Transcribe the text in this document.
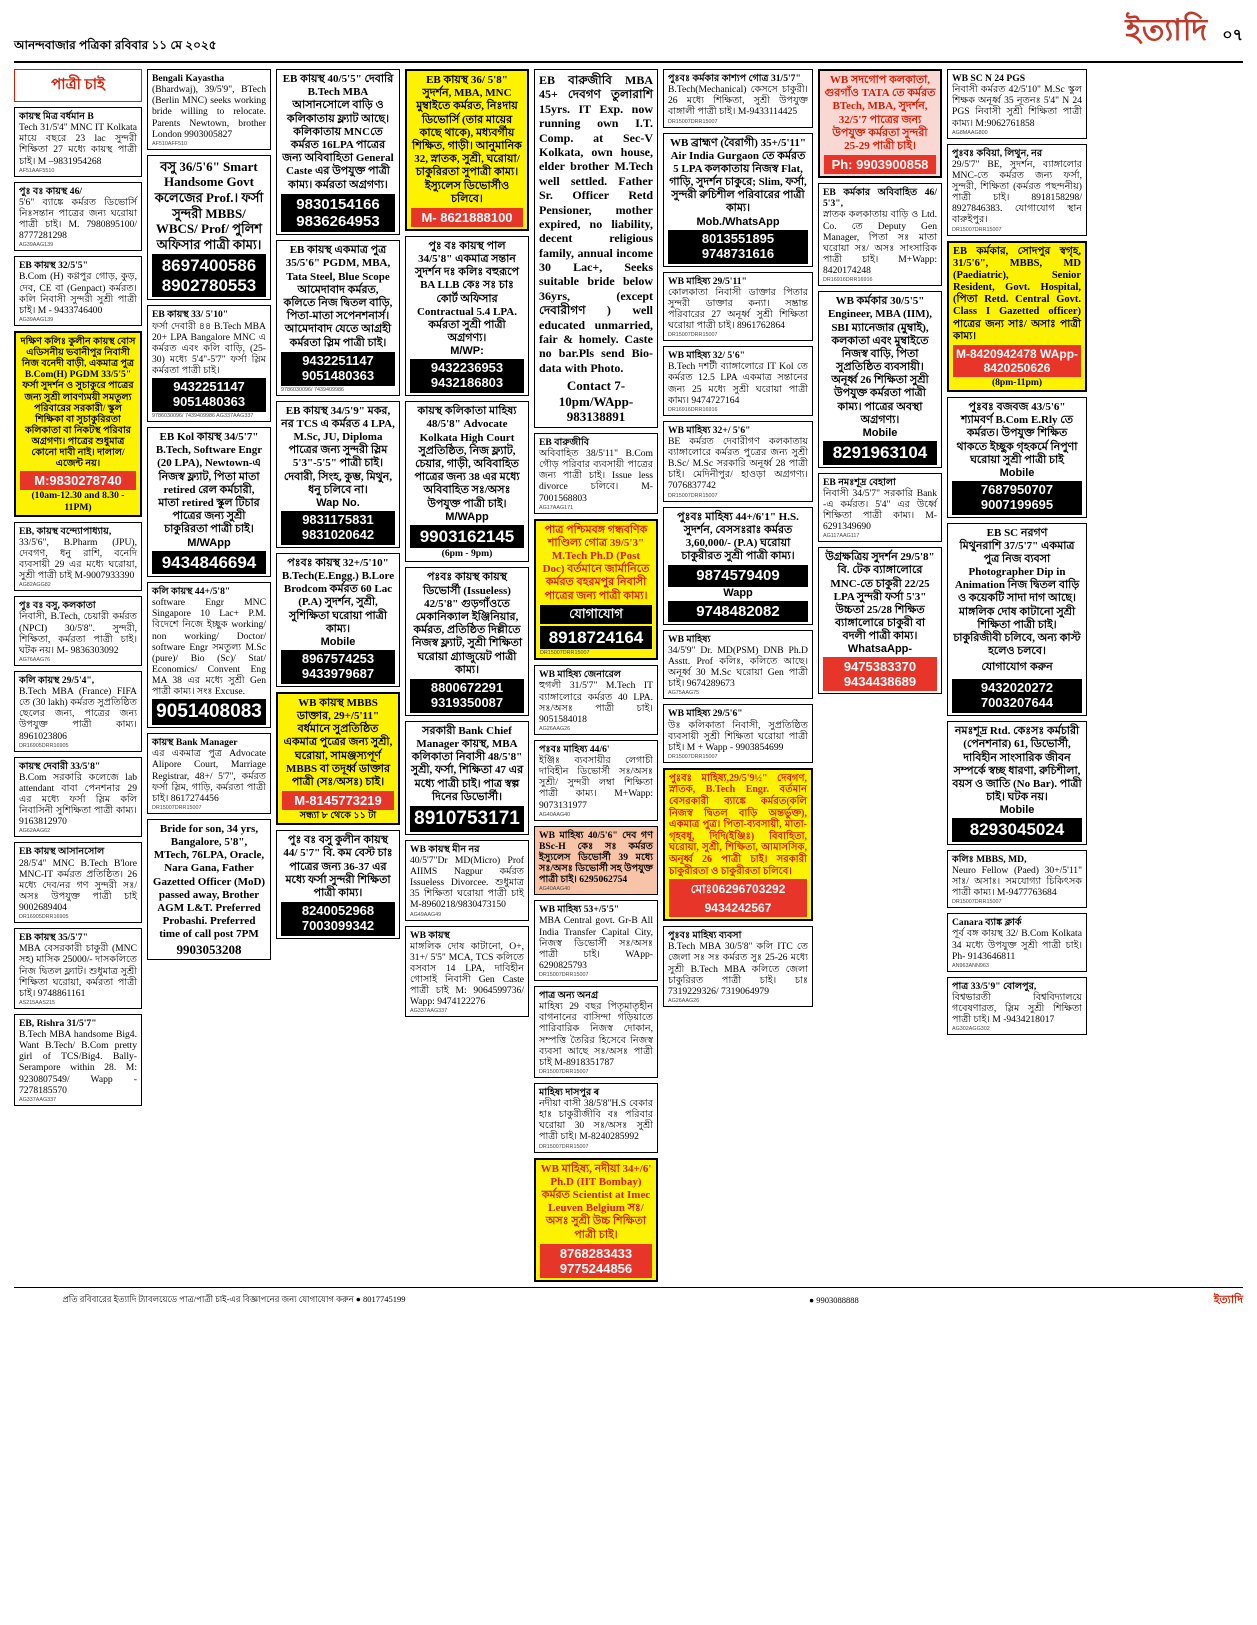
আনন্দবাজার পত্রিকা রবিবার ১১ মে ২০২৫	ইত্যাদি ০৭
পাত্রী চাই
কায়স্থ মিত্র বর্ধমান B
Tech 31/5'4" MNC IT Kolkata মায়ে বছরে 23 lac সুন্দরী শিক্ষিতা 27 মধ্যে কায়স্থ পাত্রী চাই। M –9831954268
AF51AAF5510
পুঃ বঃ কায়স্থ 46/
5'6" ব্যাঙ্কে কর্মরত ডিভোর্সি নিঃসন্তান পাত্রের জন্য ঘরোয়া পাত্রী চাই। M. 7980895100/ 8777281298
AG39AAG139
EB কায়স্থ 32/5'5"
B.Com (H) কণ্ণপুর গোড়, কুড়, দেব, CE বা (Genpact) কর্মরত। কলি নিবাসী সুন্দরী সুশ্রী পাত্রী চাই। M - 9433746400
AG39AAG139
দক্ষিণ কলিঃ কুলীন কায়স্থ বোস এডিসনীয় ভবানীপুর নিবাসী নিজ বনেদী বাড়ী, একমাত্র পুত্র B.Com(H) PGDM 33/5'5" ফর্সা সুদর্শন ও সুচাকুরে পাত্রের জন্য সুশ্রী লাবণ্যময়ী সমতুল্য পরিবারের সরকারী/ স্কুল শিক্ষিকা বা সুচাকুরিরতা কলিকাতা বা নিকটস্থ পরিবার অগ্রগণ্য। পাত্রের শুধুমাত্র কোনো দাবী নাই। দালাল/এজেন্ট নয়।
M:9830278740
(10am-12.30 and 8.30 - 11PM)
EB, কায়স্থ বন্দ্যোপাধ্যায়,
33/5'6", B.Pharm (JPU), দেবগণ, ধনু রাশি, বনেদি ব্যবসায়ী 29 এর মধ্যে ঘরোয়া, সুশ্রী পাত্রী চাই M-9007933390
AG82AGG82
পুঃ বঃ বসু, কলকাতা
নিবাসী, B.Tech, চেয়ারী কর্মরত (NPCI) 30/5'8". সুন্দরী, শিক্ষিতা, কর্মরতা পাত্রী চাই। ঘটক নয়। M- 9836303092
AG76AAG76
কলি কায়স্থ 29/5'4",
B.Tech MBA (France) FIFA তে (30 lakh) কর্মরত সুপ্রতিষ্ঠিত ছেলের জন্য, পাত্রের জন্য উপযুক্ত পাত্রী কাম্য। 8961023806
DR16905DRR16905
কায়স্থ দেবারী 33/5'8"
B.Com সরকারি কলেজে lab attendant বাবা পেনশনার 29 এর মধ্যে ফর্সা স্লিম কলি নিবাসিনী সুশিক্ষিতা পাত্রী কাম্য। 9163812970
AG62AAG62
EB কায়স্থ আসানসোল
28/5'4" MNC B.Tech B'lore MNC-IT কর্মরত প্রতিষ্ঠিত। 26 মধ্যে দেব/নর গণ সুন্দরী সঃ/অসঃ উপযুক্ত পাত্রী চাই 9002689404
DR16905DRR16905
EB কায়স্থ 35/5'7"
MBA বেসরকারী চাকুরী (MNC সহ) মাসিক 25000/- দাসকলিতে নিজ দ্বিতল ফ্ল্যাট। শুধুমাত্র সুশ্রী শিক্ষিতা ঘরোয়া, কর্মরতা পাত্রী চাই। 9748861161
AS215AAS215
EB, Rishra 31/5'7"
B.Tech MBA handsome Big4. Want B.Tech/ B.Com pretty girl of TCS/Big4. Bally-Serampore within 28. M: 9230807549/ Wapp - 7278185570
AG337AAG337
Bengali Kayastha
(Bhardwaj), 39/5'9", BTech (Berlin MNC) seeks working bride willing to relocate. Parents Newtown, brother London 9903005827
AF510AFF510
বসু 36/5'6" Smart Handsome Govt কলেজের Prof.। ফর্সা সুন্দরী MBBS/ WBCS/ Prof/ পুলিশ অফিসার পাত্রী কাম্য।
8697400586 8902780553
EB কায়স্থ 33/ 5'10"
ফর্সা দেবারী ৪৪ B.Tech MBA 20+ LPA Bangalore MNC এ কর্মরত এবং কলি বাড়ি, (25-30) মধ্যে 5'4"-5'7" ফর্সা স্লিম কর্মরতা পাত্রী চাই।
9432251147 9051480363
9786030096/ 7439409986 AG337AAG337
EB Kol কায়স্থ 34/5'7" B.Tech, Software Engr (20 LPA), Newtown-এ নিজস্ব ফ্ল্যাট, পিতা মাতা retired রেল কর্মচারী, মাতা retired স্কুল টিচার পাত্রের জন্য সুশ্রী চাকুরিরতা পাত্রী চাই।
M/WApp
9434846694
কলি কায়স্থ 44+/5'8"
software Engr MNC Singapore 10 Lac+ P.M. বিদেশে নিজে ইচ্ছুক working/ non working/ Doctor/ software Engr সমতুল্য M.Sc (pure)/ Bio (Sc)/ Stat/ Economics/ Convent Eng MA 38 এর মধ্যে সুশ্রী Gen পাত্রী কাম্য। সংঃ Excuse.
9051408083
কায়স্থ Bank Manager
এর একমাত্র পুত্র Advocate Alipore Court, Marriage Registrar, 48+/ 5'7", কর্মরত ফর্সা স্লিম, গাড়ি, কর্মরতা পাত্রী চাই। 8617274456
DR15007DRR15007
Bride for son, 34 yrs, Bangalore, 5'8", MTech, 76LPA, Oracle, Nara Gana, Father Gazetted Officer (MoD) passed away, Brother AGM L&T. Preferred Probashi. Preferred time of call post 7PM
9903053208
EB কায়স্থ 40/5'5" দেবারি B.Tech MBA আসানসোলে বাড়ি ও কলিকাতায় ফ্ল্যাট আছে। কলিকাতায় MNCতে কর্মরত 16LPA পাত্রের জন্য অবিবাহিতা General Caste এর উপযুক্ত পাত্রী কাম্য। কর্মরতা অগ্রগণ্য।
9830154166 9836264953
EB কায়স্থ একমাত্র পুত্র 35/5'6" PGDM, MBA, Tata Steel, Blue Scope আমেদাবাদ কর্মরত, কলিতে নিজ দ্বিতল বাড়ি, পিতা-মাতা সপেনশনার্স। আমেদাবাদ যেতে আগ্রহী কর্মরতা স্লিম পাত্রী চাই।
9432251147 9051480363
9786030096/ 7439409986
EB কায়স্থ 34/5'9" মকর, নর TCS এ কর্মরত 4 LPA, M.Sc, JU, Diploma পাত্রের জন্য সুন্দরী স্লিম 5'3"-5'5" পাত্রী চাই। দেবারী, সিংহ, কুম্ভ, মিথুন, ধনু চলিবে না।
Wap No.
9831175831 9831020642
পঃবঃ কায়স্থ 32+/5'10" B.Tech(E.Engg.) B.Lore Brodcom কর্মরত 60 Lac (P.A) সুদর্শন, সুশ্রী, সুশিক্ষিতা ঘরোয়া পাত্রী কাম্য।
Mobile
8967574253 9433979687
WB কায়স্থ MBBS ডাক্তার, 29+/5'11" বর্ধমানে সুপ্রতিষ্ঠিত একমাত্র পুত্রের জন্য সুশ্রী, ঘরোয়া, সামঞ্জস্যপূর্ণ MBBS বা তদূর্ধ্ব ডাক্তার পাত্রী (সঃ/অসঃ) চাই।
M-8145773219
সন্ধ্যা ৮ থেকে ১১ টা
পুঃ বঃ বসু কুলীন কায়স্থ 44/ 5'7" বি. কম বেস্ট চাঃ পাত্রের জন্য 36-37 এর মধ্যে ফর্সা সুন্দরী শিক্ষিতা পাত্রী কাম্য।
8240052968 7003099342
EB কায়স্থ 36/ 5'8" সুদর্শন, MBA, MNC মুম্বাইতে কর্মরত, নিঃদায় ডিভোর্সি (তার মায়ের কাছে থাকে), মধ্যবর্গীয় শিক্ষিত, গাড়ী। আনুমানিক 32, স্নাতক, সুশ্রী, ঘরোয়া/ চাকুরিরতা সুপাত্রী কাম্য। ইস্যুলেস ডিভোর্সীও চলিবে।
M- 8621888100
পুঃ বঃ কায়স্থ পাল 34/5'8" একমাত্র সন্তান সুদর্শন দঃ কলিঃ বহুরূপে BA LLB কেঃ সঃ চাঃ কোর্ট অফিসার Contractual 5.4 LPA. কর্মরতা সুশ্রী পাত্রী অগ্রগণ্য।
M/WP:
9432236953 9432186803
কায়স্থ কলিকাতা মাহিষ্য 48/5'8" Advocate Kolkata High Court সুপ্রতিষ্ঠিত, নিজ ফ্ল্যাট, চেয়ার, গাড়ী, অবিবাহিত পাত্রের জন্য 38 এর মধ্যে অবিবাহিত সঃ/অসঃ উপযুক্ত পাত্রী চাই।
M/WApp
9903162145
(6pm - 9pm)
পঃবঃ কায়স্থ কায়স্থ ডিভোর্সী (Issueless) 42/5'8" গুড়গাঁওতে মেকানিক্যাল ইঞ্জিনিয়ার, কর্মরত, প্রতিষ্ঠিত দিল্লীতে নিজস্ব ফ্ল্যাট, সুশ্রী শিক্ষিতা ঘরোয়া গ্র্যাজুয়েট পাত্রী কাম্য।
8800672291 9319350087
সরকারী Bank Chief Manager কায়স্থ, MBA কলিকাতা নিবাসী 48/5'8" সুশ্রী, ফর্সা, শিক্ষিতা 47 এর মধ্যে পাত্রী চাই। পাত্র স্বল্প দিনের ডিভোর্সী।
8910753171
WB কায়স্থ মীন নর
40/5'7"Dr MD(Micro) Prof AIIMS Nagpur কর্মরত Issueless Divorcee. শুধুমাত্র 35 শিক্ষিতা ঘরোয়া পাত্রী চাই M-8960218/9830473150
AG49AAG49
WB কায়স্থ
মাঙ্গলিক দোষ কাটানো, O+, 31+/ 5'5" MCA, TCS কলিতে বসবাস 14 LPA, দাবিহীন গোসাই নিবাসী Gen Caste পাত্রী চাই M: 9064599736/ Wapp: 9474122276
AG337AAG337
EB বারুজীবি MBA 45+ দেবগণ তুলারাশি 15yrs. IT Exp. now running own I.T. Comp. at Sec-V Kolkata, own house, elder brother M.Tech well settled. Father Sr. Officer Retd Pensioner, mother expired, no liability, decent religious family, annual income 30 Lac+, Seeks suitable bride below 36yrs, (except দেবারীগণ ) well educated unmarried, fair & homely. Caste no bar.Pls send Bio-data with Photo.
Contact 7-10pm/WApp-983138891
EB বারুজীবি
অবিবাহিত 38/5'11" B.Com গৌড় পরিবার ব্যবসায়ী পাত্রের জন্য পাত্রী চাই। Issue less divorce চলিবে। M-7001568803
AG17AAG171
পাত্র পশ্চিমবঙ্গ গন্ধবণিক শাণ্ডিল্য গোত্র 39/5'3" M.Tech Ph.D (Post Doc) বর্তমানে জার্মানিতে কর্মরত বহরমপুর নিবাসী পাত্রের জন্য পাত্রী কাম্য।
যোগাযোগ
8918724164
DR15007DRR15007
WB মাহিষ্য জেনারেল
হুগলী 31/5'7" M.Tech IT ব্যাঙ্গালোরে কর্মরত 40 LPA. সঃ/অসঃ পাত্রী চাই। 9051584018
AG26AAG26
পঃবঃ মাহিষ্য 44/6'
ইঞ্জিঃ ব্যবসায়ীর লেগাচী দাবিহীন ডিভোর্সী সঃ/অসঃ সুশ্রী/ সুন্দরী লম্বা শিক্ষিতা পাত্রী কাম্য। M+Wapp: 9073131977
AG40AAG40
WB মাহিষ্য 40/5'6" দেব গণ BSc-H কেঃ সঃ কর্মরত ইস্যুলেস ডিভোর্সী 39 মধ্যে সঃ/অসঃ ডিভোর্সী সহ উপযুক্ত পাত্রী চাই। 6295062754
AG40AAG40
WB মাহিষ্য 53+/5'5"
MBA Central govt. Gr-B All India Transfer Capital City, নিজস্ব ডিভোর্সী সঃ/অসঃ পাত্রী চাই। WApp-6290825793
DR15007DRR15007
পাত্র অন্য অনগ্র
মাহিষ্য 29 বছর পিতৃমাতৃহীন বাগনানের বাসিন্দা গড়িয়াতে পারিবারিক নিজস্ব দোকান, সম্পত্তি তৈরির হিসেবে নিজস্ব ব্যবসা আছে সঃ/অসঃ পাত্রী চাই M-8918351787
DR15007DRR15007
মাহিষ্য দাসপুর ৰ
নদীয়া বাসী 38/5'8"H.S বেকার হাঃ চাকুরীজীবি বঃ পরিবার ঘরোয়া 30 সঃ/অসঃ সুশ্রী পাত্রী চাই। M-8240285992
DR15007DRR15007
WB মাহিষ্য, নদীয়া 34+/6' Ph.D (IIT Bombay) কর্মরত Scientist at Imec Leuven Belgium সঃ/অসঃ সুশ্রী উচ্চ শিক্ষিতা পাত্রী চাই।
8768283433 9775244856
পুঃবঃ কর্মকার কাশ্যপ গোত্র 31/5'7"
B.Tech(Mechanical) কেসসে চাকুরী। 26 মধ্যে শিক্ষিতা, সুশ্রী উপযুক্ত বাঙ্গালী পাত্রী চাই। M-9433114425
DR15007DRR15007
WB ব্রাহ্মণ (বৈরাগী) 35+/5'11" Air India Gurgaon তে কর্মরত 5 LPA কলকাতায় নিজস্ব Flat, গাড়ি, সুদর্শন চাকুরে; Slim, ফর্সা, সুন্দরী রুচিশীল পরিবারের পাত্রী কাম্য।
Mob./WhatsApp
8013551895 9748731616
WB মাহিষ্য 29/5'11"
কোলকাতা নিবাসী ডাক্তার পিতার সুন্দরী ডাক্তার কন্যা। সম্ভ্রান্ত পরিবারের 27 অনূর্ধ্ব সুশ্রী শিক্ষিতা ঘরোয়া পাত্রী চাই। 8961762864
DR15007DRR15007
WB মাহিষ্য 32/ 5'6"
B.Tech দশটী ব্যাঙ্গালোরে IT Kol তে কর্মরত 12.5 LPA একমাত্র সন্তানের জন্য 25 মধ্যে সুশ্রী ঘরোয়া পাত্রী কাম্য। 9474727164
DR16916DRR16916
WB মাহিষ্য 32+/ 5'6"
BE কর্মরত দেবারীগণ কলকাতায় ব্যাঙ্গালোরে কর্মরত পুত্রের জন্য সুশ্রী B.Sc/ M.Sc সরকারি অনূর্ধ্ব 28 পাত্রী চাই। মেদিনীপুর/ হাওড়া অগ্রগণ্য। 7076837742
DR15007DRR15007
পুঃবঃ মাহিষ্য 44+/6'1" H.S. সুদর্শন, বেসসঃরাঃ কর্মরত 3,60,000/- (P.A) ঘরোয়া চাকুরীরত সুশ্রী পাত্রী কাম্য।
9874579409
Wapp
9748482082
WB মাহিষ্য
34/5'9" Dr. MD(PSM) DNB Ph.D Asstt. Prof কলিঃ, কলিতে আছে। অনূর্ধ্ব 30 M.Sc ঘরোয়া Gen পাত্রী চাই। 9674289673
AG75AAG75
WB মাহিষ্য 29/5'6"
উঃ কলিকাতা নিবাসী, সুপ্রতিষ্ঠিত ব্যবসায়ী সুশ্রী শিক্ষিতা ঘরোয়া পাত্রী চাই। M + Wapp - 9903854699
DR15007DRR15007
পুঃবঃ মাহিষ্য,29/5'9½" দেবগণ, স্নাতক, B.Tech Engr. বর্তমান বেসরকারী ব্যাঙ্কে কর্মরত(কলি নিজস্ব দ্বিতল বাড়ি অন্তর্ভুক্ত), একমাত্র পুত্র। পিতা-ব্যবসায়ী, মাতা-গৃহবধূ, দিদি(ইঞ্জিঃ) বিবাহিতা, ঘরোয়া, সুশ্রী, শিক্ষিতা, আমাসসিক, অনূর্ধ্ব 26 পাত্রী চাই। সরকারী চাকুরীরতা ও চাকুরীরতা চলিবে।
মোঃ06296703292 9434242567
পুঃবঃ মাহিষ্য ব্যবসা
B.Tech MBA 30/5'8" কলি ITC তে জেলা সঃ সঃ কর্মরত সুঃ 25-26 মধ্যে সুশ্রী B.Tech MBA কলিতে জেলা চাকুরিরত পাত্রী চাই। চাঃ 7319229326/ 7319064979
AG26AAG26
WB সদগোপ কলকাতা, গুরগাঁও TATA তে কর্মরত BTech, MBA, সুদর্শন, 32/5'7 পাত্রের জন্য উপযুক্ত কর্মরতা সুন্দরী 25-29 পাত্রী চাই।
Ph: 9903900858
EB কর্মকার অবিবাহিত 46/ 5'3",
স্নাতক কলকাতায় বাড়ি ও Ltd. Co. তে Deputy Gen Manager, পিতা সঃ মাতা ঘরোয়া সঃ/ অসঃ সাংসারিক পাত্রী চাই। M+Wapp: 8420174248
DR16916DRR16916
WB কর্মকার 30/5'5" Engineer, MBA (IIM), SBI ম্যানেজার (মুম্বাই), কলকাতা এবং মুম্বাইতে নিজস্ব বাড়ি, পিতা সুপ্রতিষ্ঠিত ব্যবসায়ী। অনূর্ধ্ব 26 শিক্ষিতা সুশ্রী উপযুক্ত কর্মরতা পাত্রী কাম্য। পাত্রের অবস্থা অগ্রগণ্য।
Mobile
8291963104
EB নমঃশূদ্র বেহালা
নিবাসী 34/5'7" সরকারি Bank -এ কর্মরত। 5'4" এর উর্ধ্বে শিক্ষিতা পাত্রী কাম্য। M- 6291349690
AG117AAG117
উগ্রক্ষত্রিয় সুদর্শন 29/5'8" বি. টেক ব্যাঙ্গালোরে MNC-তে চাকুরী 22/25 LPA সুন্দরী ফর্সা 5'3" উচ্চতা 25/28 শিক্ষিত ব্যাঙ্গালোরে চাকুরী বা বদলী পাত্রী কাম্য।
WhatsaApp-
9475383370 9434438689
WB SC N 24 PGS
নিবাসী কর্মরত 42/5'10" M.Sc স্কুল শিক্ষক অনূর্ধ্ব 35 নূতনঃ 5'4" N 24 PGS নিবাসী সুশ্রী শিক্ষিতা পাত্রী কাম্য। M:9062761858
AG8MAAG800
পুঃবঃ কবিয়া, লিথুন, নর
29/5'7" BE, সুদর্শন, ব্যাঙ্গালোর MNC-তে কর্মরত জন্য ফর্সা, সুন্দরী, শিক্ষিতা (কর্মরত পছন্দনীয়) পাত্রী চাই। 8918158298/ 8927846383. যোগাযোগ স্থান বারুইপুর।
DR15007DRR15007
EB কর্মকার, সোদপুর স্বগৃহ, 31/5'6", MBBS, MD (Paediatric), Senior Resident, Govt. Hospital, (পিতা Retd. Central Govt. Class I Gazetted officer) পাত্রের জন্য সাঃ/ অসাঃ পাত্রী কাম্য।
M-8420942478 WApp-8420250626
(8pm-11pm)
পুঃবঃ বজবজ 43/5'6" শ্যামবর্ণ B.Com E.Rly তে কর্মরত। উপযুক্ত শিক্ষিত থাকতে ইচ্ছুক গৃহকর্মে নিপুণা ঘরোয়া সুশ্রী পাত্রী চাই
Mobile
7687950707 9007199695
EB SC নরগণ
মিথুনরাশি 37/5'7" একমাত্র পুত্র নিজ ব্যবসা Photographer Dip in Animation নিজ দ্বিতল বাড়ি ও কয়েকটি সাদা দাগ আছে। মাঙ্গলিক দোষ কাটানো সুশ্রী শিক্ষিতা পাত্রী চাই। চাকুরিজীবী চলিবে, অন্য কাস্ট হলেও চলবে।
যোগাযোগ করুন
9432020272 7003207644
নমঃশূদ্র Rtd. কেঃসঃ কর্মচারী (পেনশনার) 61, ডিভোর্সী, দাবিহীন সাংসারিক জীবন সম্পর্কে স্বচ্ছ ধারণা, রুচিশীলা, বয়স ও জাতি (No Bar). পাত্রী চাই। ঘটক নয়।
Mobile
8293045024
কলিঃ MBBS, MD,
Neuro Fellow (Paed) 30+/5'11" সাঃ/ অসাঃ। সমযোগ্যা চিকিৎসক পাত্রী কাম্য। M-9477763684
DR15007DRR15007
Canara ব্যাঙ্ক ক্লার্ক
পূর্ব বঙ্গ কায়স্থ 32/ B.Com Kolkata 34 মধ্যে উপযুক্ত সুশ্রী পাত্রী চাই। Ph- 9143646811
AN963ANN963
পাত্র 33/5'9" বোলপুর,
বিশ্বভারতী বিশ্ববিদ্যালয়ে গবেষণারত, স্লিম সুশ্রী শিক্ষিতা পাত্রী চাই। M -9434218017
AG302AGG302
প্রতি রবিবারের ইত্যাদি ট্যাবলয়েডে পাত্র/পাত্রী চাই-এর বিজ্ঞাপনের জন্য যোগাযোগ করুন ● 8017745199	● 9903088888	ইত্যাদি
